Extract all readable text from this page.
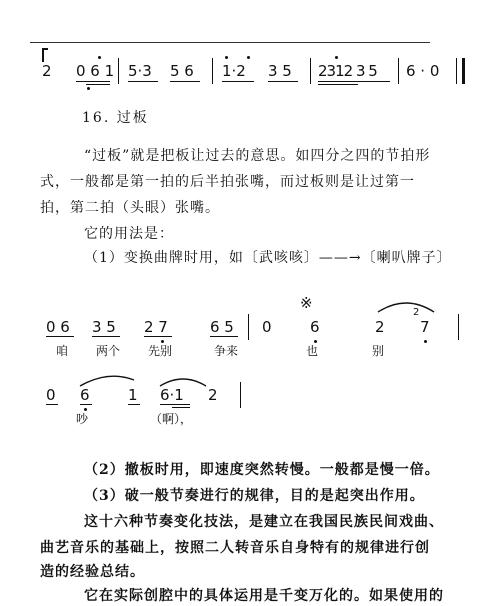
2 0 6 1 5·3 5 6 1·2 3 5 2312 3 5 6 · 0
16. 过板
“过板”就是把板让过去的意思。如四分之四的节拍形
式，一般都是第一拍的后半拍张嘴，而过板则是让过第一
拍，第二拍（头眼）张嘴。
它的用法是：
（1）变换曲牌时用，如〔武咳咳〕——→〔喇叭牌子〕
※
0 6 3 5 2 7	6 5 0	6	2
2
7
咱 两个 先别	争来	也	别
0 6	1 6·1 2
吵	（啊），
（2）撤板时用，即速度突然转慢。一般都是慢一倍。
（3）破一般节奏进行的规律，目的是起突出作用。
这十六种节奏变化技法，是建立在我国民族民间戏曲、
曲艺音乐的基础上，按照二人转音乐自身特有的规律进行创
造的经验总结。
它在实际创腔中的具体运用是千变万化的。如果使用的
